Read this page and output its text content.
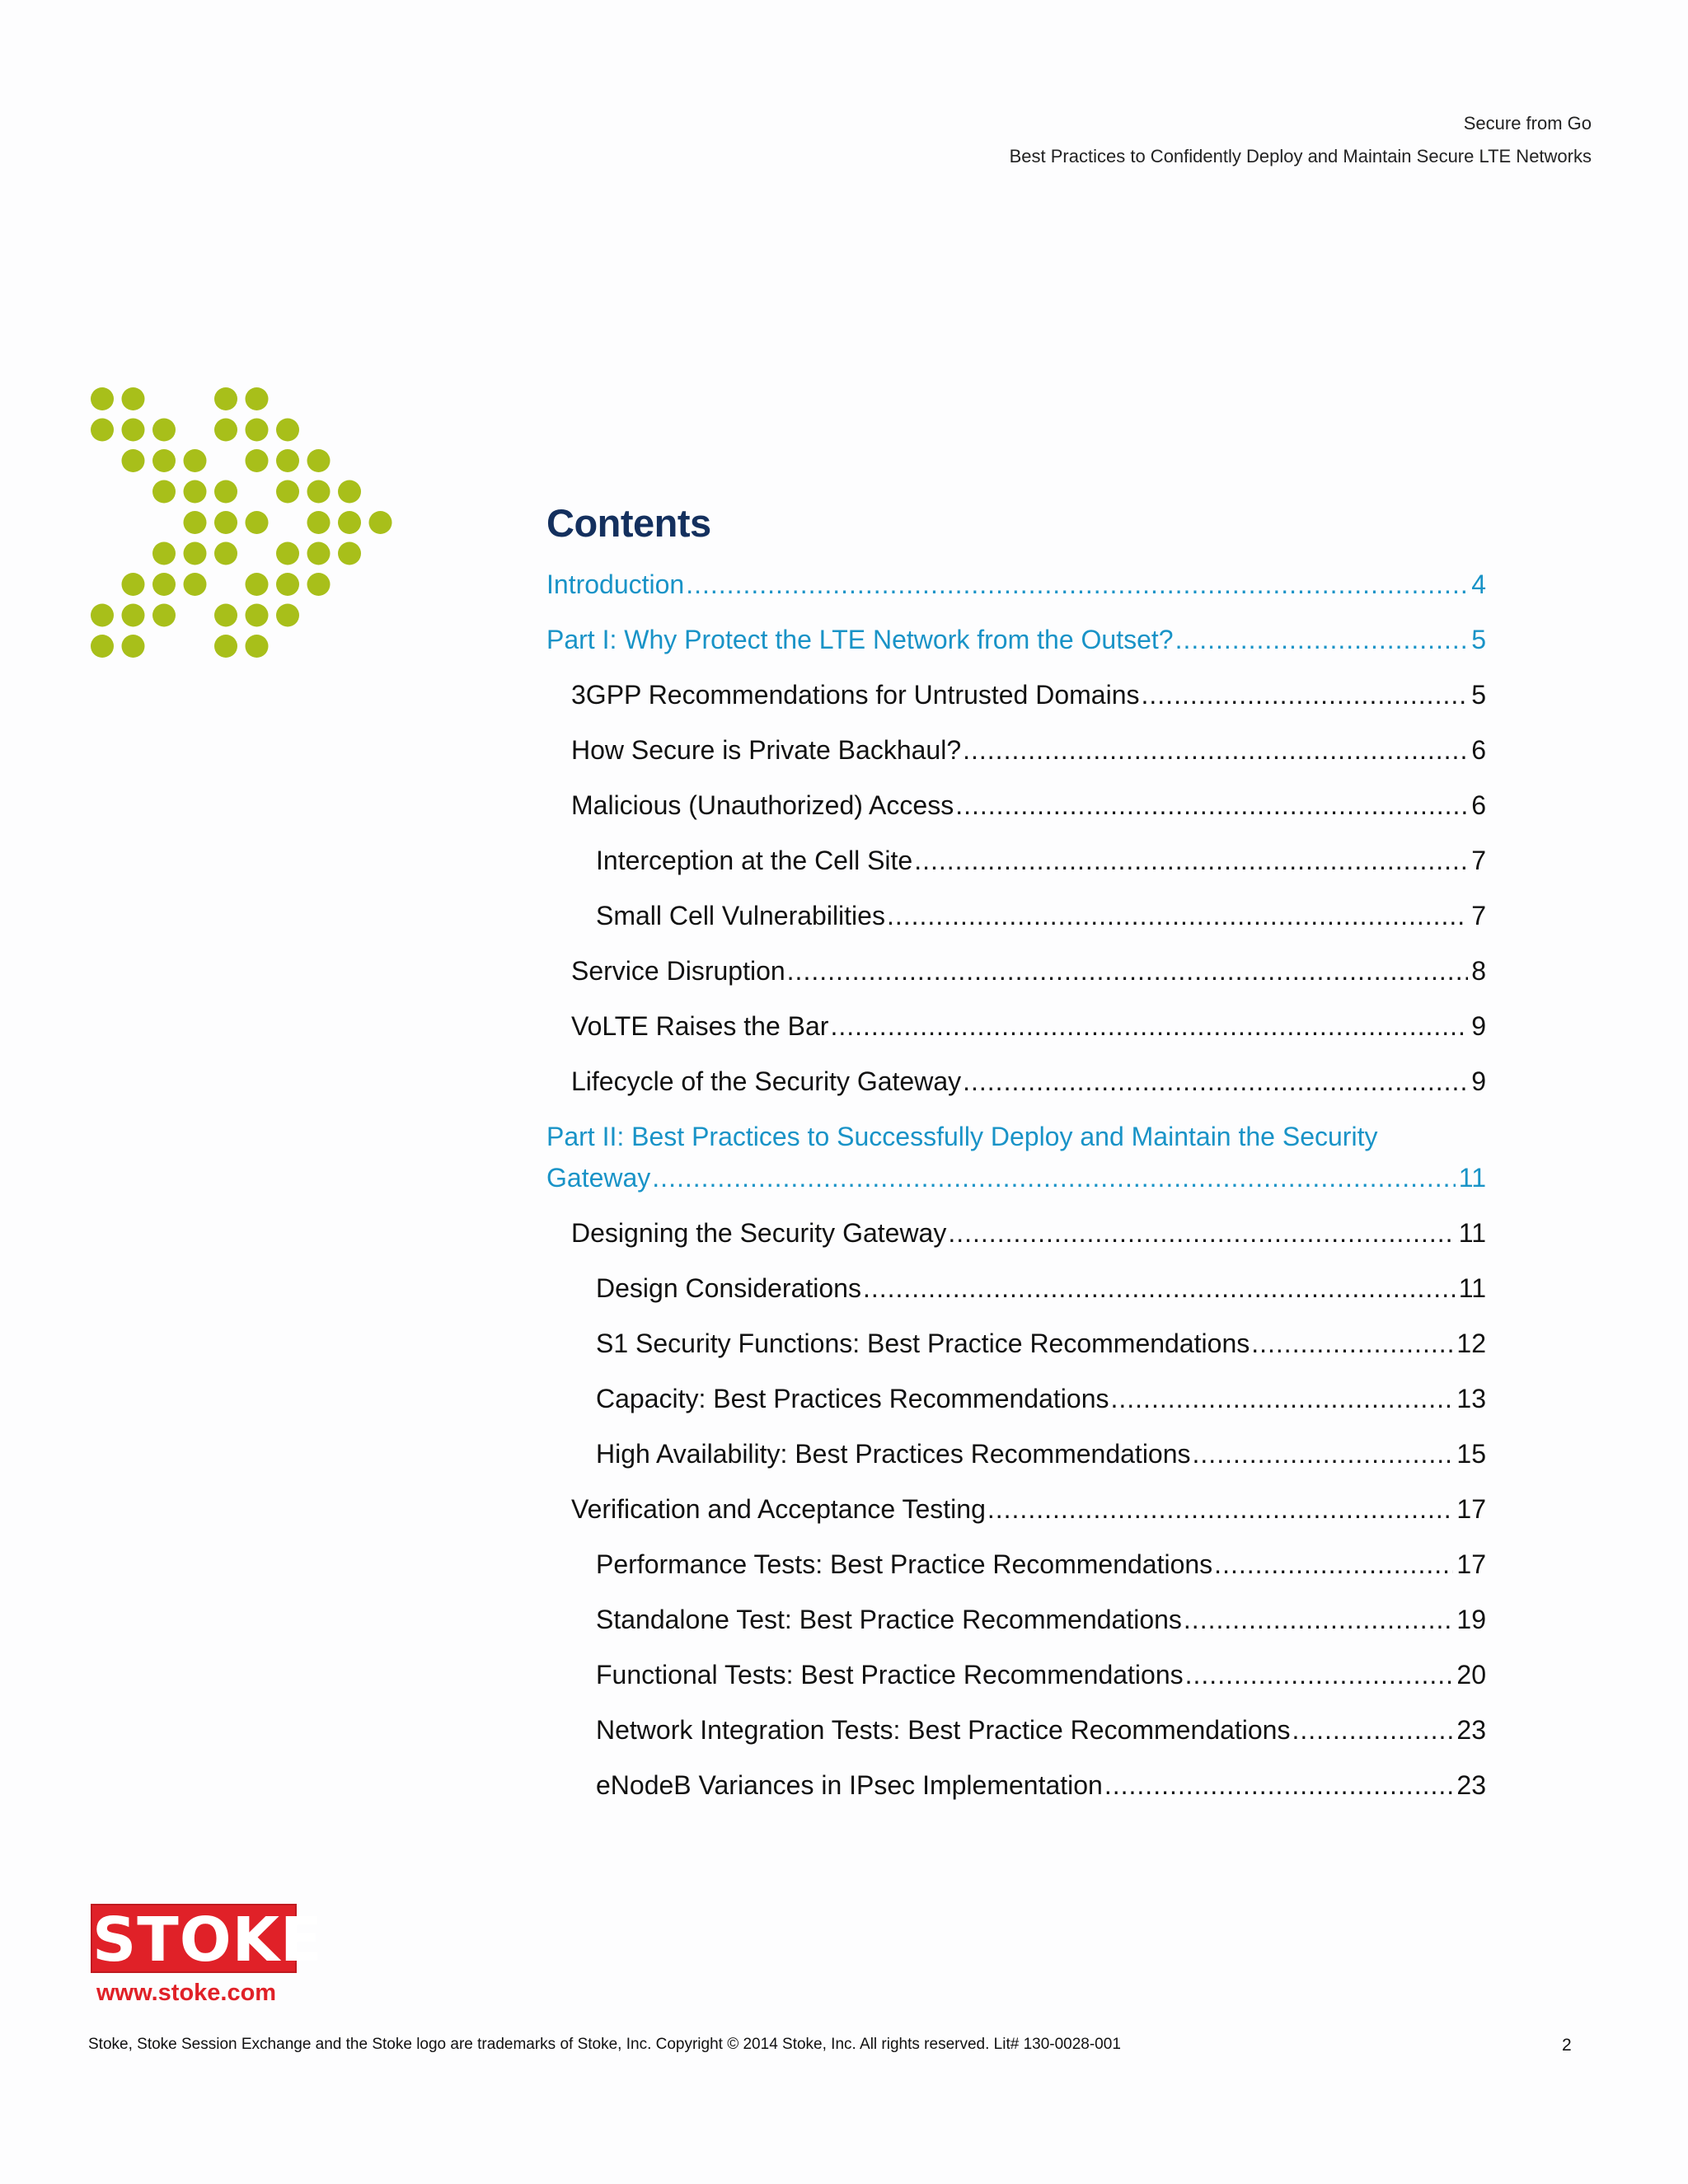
Secure from Go
Best Practices to Confidently Deploy and Maintain Secure LTE Networks
Contents
Introduction .....	4
Part I: Why Protect the LTE Network from the Outset? .....	5
3GPP Recommendations for Untrusted Domains .....	5
How Secure is Private Backhaul? .....	6
Malicious (Unauthorized) Access .....	6
Interception at the Cell Site .....	7
Small Cell Vulnerabilities .....	7
Service Disruption .....	8
VoLTE Raises the Bar .....	9
Lifecycle of the Security Gateway .....	9
Part II: Best Practices to Successfully Deploy and Maintain the Security
Gateway .....	11
Designing the Security Gateway .....	11
Design Considerations .....	11
S1 Security Functions: Best Practice Recommendations .....	12
Capacity: Best Practices Recommendations .....	13
High Availability: Best Practices Recommendations .....	15
Verification and Acceptance Testing .....	17
Performance Tests: Best Practice Recommendations .....	17
Standalone Test: Best Practice Recommendations .....	19
Functional Tests: Best Practice Recommendations .....	20
Network Integration Tests: Best Practice Recommendations .....	23
eNodeB Variances in IPsec Implementation .....	23
STOKE
www.stoke.com
Stoke, Stoke Session Exchange and the Stoke logo are trademarks of Stoke, Inc. Copyright © 2014 Stoke, Inc. All rights reserved. Lit# 130-0028-001	2
